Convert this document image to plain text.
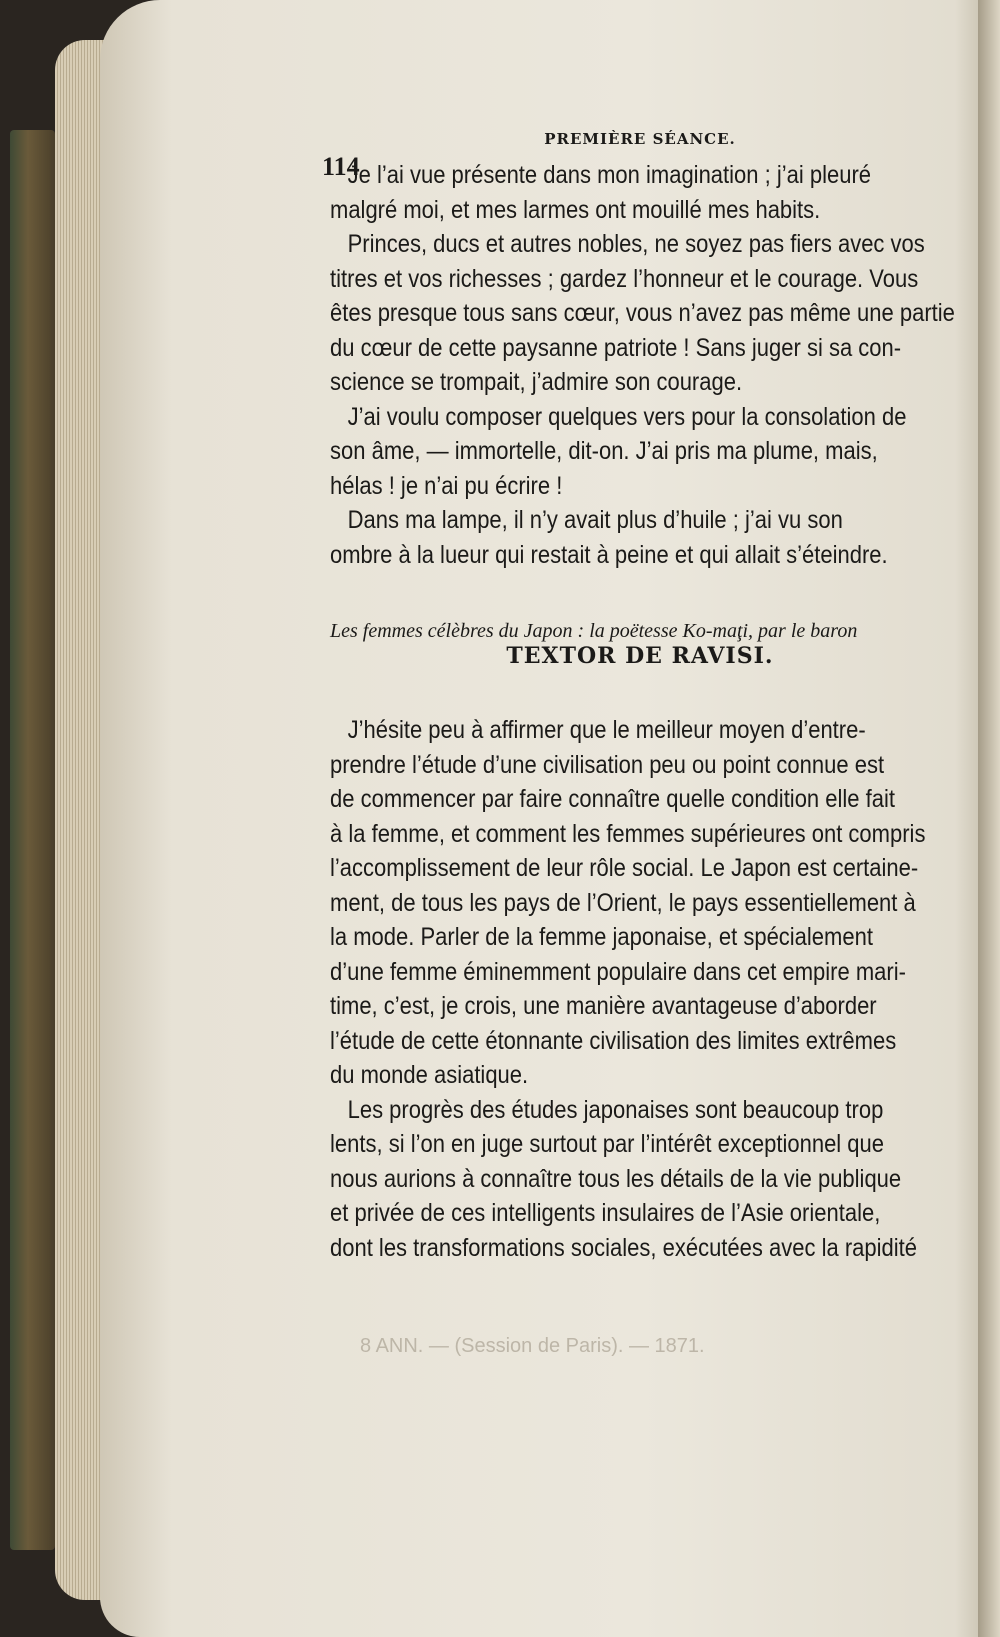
PREMIÈRE SÉANCE.
114
Je l’ai vue présente dans mon imagination ; j’ai pleuré
malgré moi, et mes larmes ont mouillé mes habits.
Princes, ducs et autres nobles, ne soyez pas fiers avec vos
titres et vos richesses ; gardez l’honneur et le courage. Vous
êtes presque tous sans cœur, vous n’avez pas même une partie
du cœur de cette paysanne patriote ! Sans juger si sa con-
science se trompait, j’admire son courage.
J’ai voulu composer quelques vers pour la consolation de
son âme, — immortelle, dit-on. J’ai pris ma plume, mais,
hélas ! je n’ai pu écrire !
Dans ma lampe, il n’y avait plus d’huile ; j’ai vu son
ombre à la lueur qui restait à peine et qui allait s’éteindre.
Les femmes célèbres du Japon : la poëtesse Ko-maţi, par le baron
TEXTOR DE RAVISI.
J’hésite peu à affirmer que le meilleur moyen d’entre-
prendre l’étude d’une civilisation peu ou point connue est
de commencer par faire connaître quelle condition elle fait
à la femme, et comment les femmes supérieures ont compris
l’accomplissement de leur rôle social. Le Japon est certaine-
ment, de tous les pays de l’Orient, le pays essentiellement à
la mode. Parler de la femme japonaise, et spécialement
d’une femme éminemment populaire dans cet empire mari-
time, c’est, je crois, une manière avantageuse d’aborder
l’étude de cette étonnante civilisation des limites extrêmes
du monde asiatique.
Les progrès des études japonaises sont beaucoup trop
lents, si l’on en juge surtout par l’intérêt exceptionnel que
nous aurions à connaître tous les détails de la vie publique
et privée de ces intelligents insulaires de l’Asie orientale,
dont les transformations sociales, exécutées avec la rapidité
8 ANN. — (Session de Paris). — 1871.
